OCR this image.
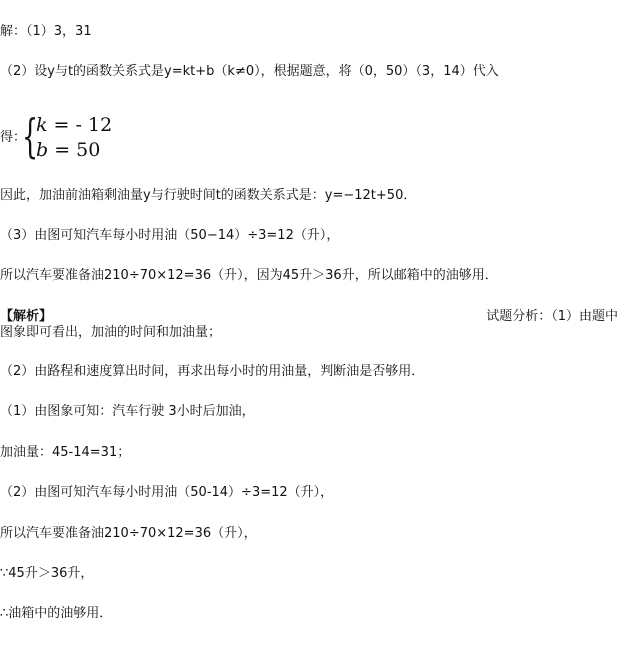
解：（1）3，31
（2）设y与t的函数关系式是y=kt+b（k≠0），根据题意，将（0，50）（3，14）代入
得：
{
k = - 12
b = 50
因此，加油前油箱剩油量y与行驶时间t的函数关系式是：y=−12t+50．
（3）由图可知汽车每小时用油（50−14）÷3=12（升），
所以汽车要准备油210÷70×12=36（升），因为45升＞36升，所以邮箱中的油够用．
【解析】	试题分析：（1）由题中
图象即可看出，加油的时间和加油量；
（2）由路程和速度算出时间，再求出每小时的用油量，判断油是否够用．
（1）由图象可知：汽车行驶 3小时后加油，
加油量：45-14=31；
（2）由图可知汽车每小时用油（50-14）÷3=12（升），
所以汽车要准备油210÷70×12=36（升），
∵45升＞36升，
∴油箱中的油够用．
